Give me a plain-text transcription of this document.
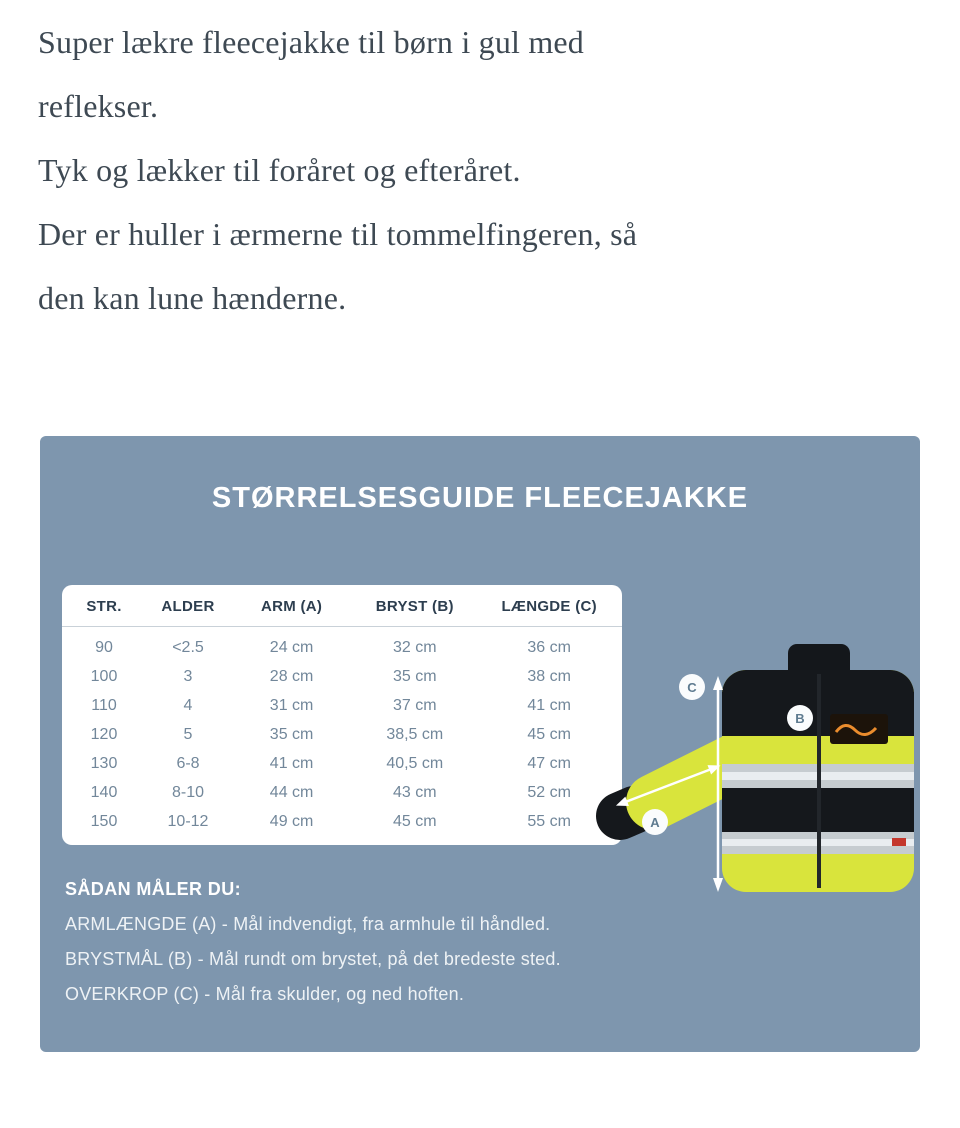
Super lækre fleecejakke til børn i gul med

reflekser.

Tyk og lækker til foråret og efteråret.

Der er huller i ærmerne til tommelfingeren, så

den kan lune hænderne.

STØRRELSESGUIDE FLEECEJAKKE
STR.	ALDER	ARM (A)	BRYST (B)	LÆNGDE (C)
90	<2.5	24 cm	32 cm	36 cm
100	3	28 cm	35 cm	38 cm
110	4	31 cm	37 cm	41 cm
120	5	35 cm	38,5 cm	45 cm
130	6-8	41 cm	40,5 cm	47 cm
140	8-10	44 cm	43 cm	52 cm
150	10-12	49 cm	45 cm	55 cm
SÅDAN MÅLER DU:

ARMLÆNGDE (A) - Mål indvendigt, fra armhule til håndled.

BRYSTMÅL (B) - Mål rundt om brystet, på det bredeste sted.

OVERKROP (C) - Mål fra skulder, og ned hoften.

C
B
A
